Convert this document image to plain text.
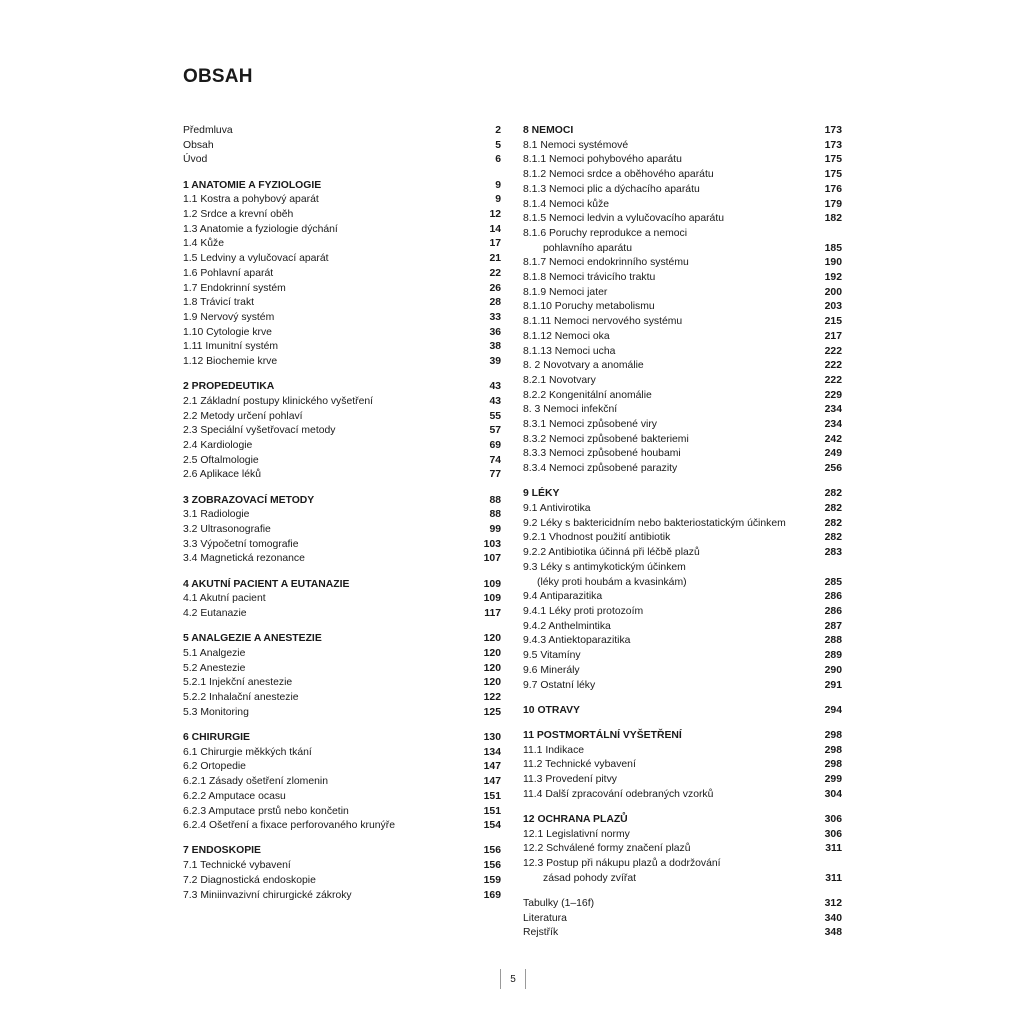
OBSAH
Předmluva	2
Obsah	5
Úvod	6
1 ANATOMIE A FYZIOLOGIE	9
1.1 Kostra a pohybový aparát	9
1.2 Srdce a krevní oběh	12
1.3 Anatomie a fyziologie dýchání	14
1.4 Kůže	17
1.5 Ledviny a vylučovací aparát	21
1.6 Pohlavní aparát	22
1.7 Endokrinní systém	26
1.8 Trávicí trakt	28
1.9 Nervový systém	33
1.10 Cytologie krve	36
1.11 Imunitní systém	38
1.12 Biochemie krve	39
2 PROPEDEUTIKA	43
2.1 Základní postupy klinického vyšetření	43
2.2 Metody určení pohlaví	55
2.3 Speciální vyšetřovací metody	57
2.4 Kardiologie	69
2.5 Oftalmologie	74
2.6 Aplikace léků	77
3 ZOBRAZOVACÍ METODY	88
3.1 Radiologie	88
3.2 Ultrasonografie	99
3.3 Výpočetní tomografie	103
3.4 Magnetická rezonance	107
4 AKUTNÍ PACIENT A EUTANAZIE	109
4.1 Akutní pacient	109
4.2 Eutanazie	117
5 ANALGEZIE A ANESTEZIE	120
5.1 Analgezie	120
5.2 Anestezie	120
5.2.1 Injekční anestezie	120
5.2.2 Inhalační anestezie	122
5.3 Monitoring	125
6 CHIRURGIE	130
6.1 Chirurgie měkkých tkání	134
6.2 Ortopedie	147
6.2.1 Zásady ošetření zlomenin	147
6.2.2 Amputace ocasu	151
6.2.3 Amputace prstů nebo končetin	151
6.2.4 Ošetření a fixace perforovaného krunýře	154
7 ENDOSKOPIE	156
7.1 Technické vybavení	156
7.2 Diagnostická endoskopie	159
7.3 Miniinvazivní chirurgické zákroky	169
8 NEMOCI	173
8.1 Nemoci systémové	173
8.1.1 Nemoci pohybového aparátu	175
8.1.2 Nemoci srdce a oběhového aparátu	175
8.1.3 Nemoci plic a dýchacího aparátu	176
8.1.4 Nemoci kůže	179
8.1.5 Nemoci ledvin a vylučovacího aparátu	182
8.1.6 Poruchy reprodukce a nemoci
pohlavního aparátu	185
8.1.7 Nemoci endokrinního systému	190
8.1.8 Nemoci trávicího traktu	192
8.1.9 Nemoci jater	200
8.1.10 Poruchy metabolismu	203
8.1.11 Nemoci nervového systému	215
8.1.12 Nemoci oka	217
8.1.13 Nemoci ucha	222
8. 2 Novotvary a anomálie	222
8.2.1 Novotvary	222
8.2.2 Kongenitální anomálie	229
8. 3 Nemoci infekční	234
8.3.1 Nemoci způsobené viry	234
8.3.2 Nemoci způsobené bakteriemi	242
8.3.3 Nemoci způsobené houbami	249
8.3.4 Nemoci způsobené parazity	256
9 LÉKY	282
9.1 Antivirotika	282
9.2 Léky s baktericidním nebo bakteriostatickým účinkem	282
9.2.1 Vhodnost použití antibiotik	282
9.2.2 Antibiotika účinná při léčbě plazů	283
9.3 Léky s antimykotickým účinkem
(léky proti houbám a kvasinkám)	285
9.4 Antiparazitika	286
9.4.1 Léky proti protozoím	286
9.4.2 Anthelmintika	287
9.4.3 Antiektoparazitika	288
9.5 Vitamíny	289
9.6 Minerály	290
9.7 Ostatní léky	291
10 OTRAVY	294
11 POSTMORTÁLNÍ VYŠETŘENÍ	298
11.1 Indikace	298
11.2 Technické vybavení	298
11.3 Provedení pitvy	299
11.4 Další zpracování odebraných vzorků	304
12 OCHRANA PLAZŮ	306
12.1 Legislativní normy	306
12.2 Schválené formy značení plazů	311
12.3 Postup při nákupu plazů a dodržování
zásad pohody zvířat	311
Tabulky (1–16f)	312
Literatura	340
Rejstřík	348
5
